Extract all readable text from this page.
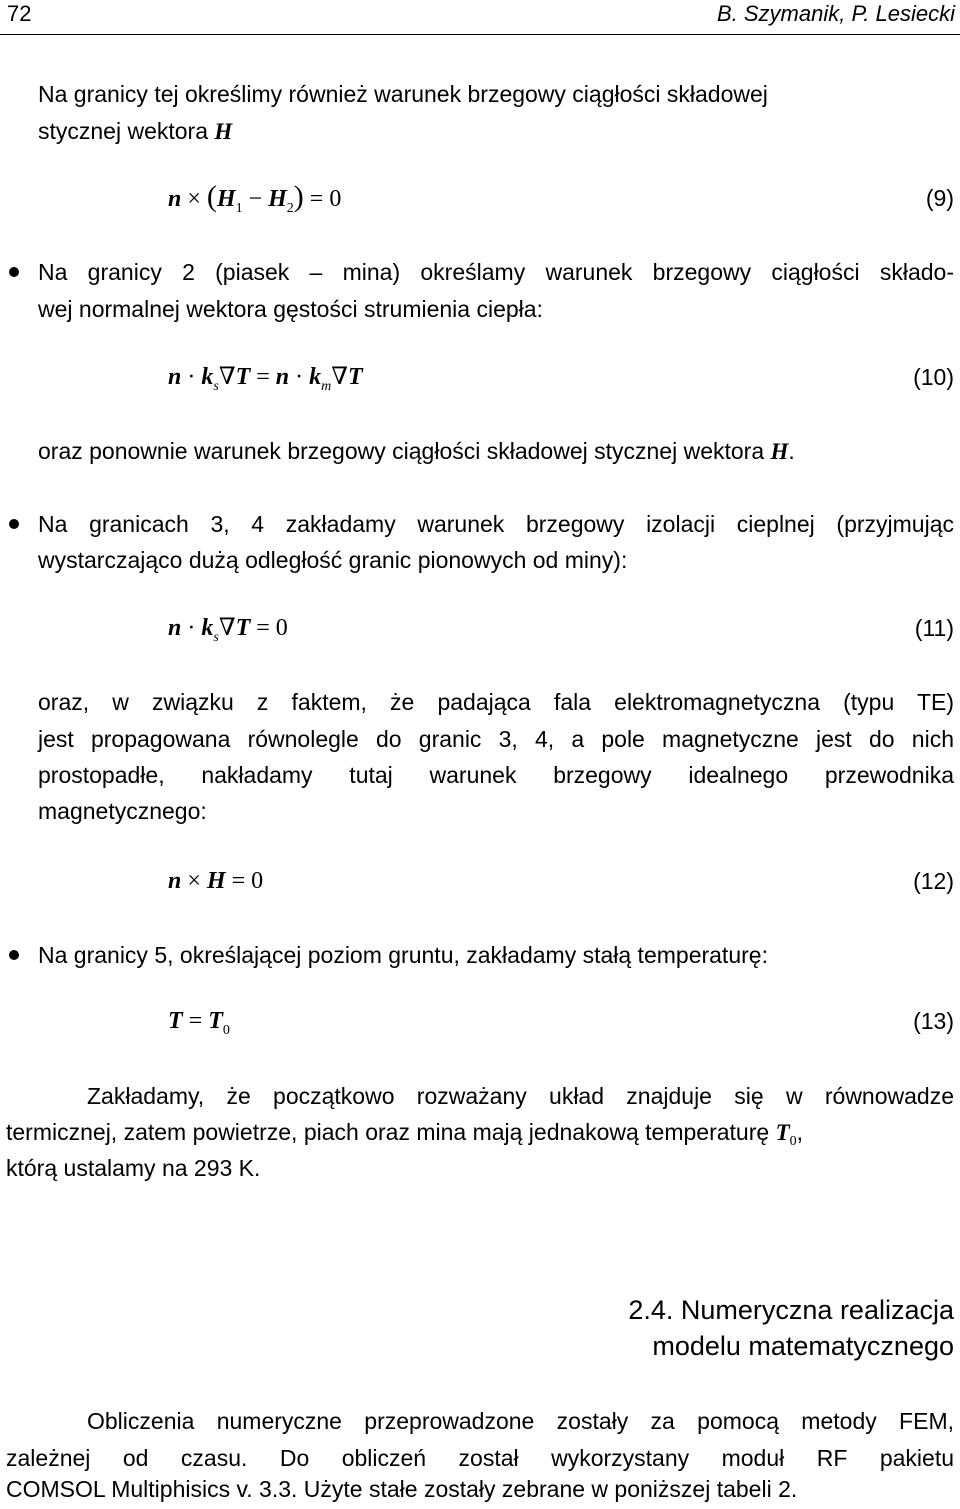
72	B. Szymanik, P. Lesiecki
Na granicy tej określimy również warunek brzegowy ciągłości składowej
stycznej wektora H
$n \times (H_1 - H_2) = 0$	(9)
Na granicy 2 (piasek – mina) określamy warunek brzegowy ciągłości składo-
wej normalnej wektora gęstości strumienia ciepła:
$n \cdot k_s\nabla T = n \cdot k_m\nabla T$	(10)
oraz ponownie warunek brzegowy ciągłości składowej stycznej wektora H.
Na granicach 3, 4 zakładamy warunek brzegowy izolacji cieplnej (przyjmując
wystarczająco dużą odległość granic pionowych od miny):
$n \cdot k_s\nabla T = 0$	(11)
oraz, w związku z faktem, że padająca fala elektromagnetyczna (typu TE)
jest propagowana równolegle do granic 3, 4, a pole magnetyczne jest do nich
prostopadłe, nakładamy tutaj warunek brzegowy idealnego przewodnika
magnetycznego:
n × H = 0	(12)
Na granicy 5, określającej poziom gruntu, zakładamy stałą temperaturę:
$T = T_0$	(13)
Zakładamy, że początkowo rozważany układ znajduje się w równowadze
termicznej, zatem powietrze, piach oraz mina mają jednakową temperaturę $T_0$,
którą ustalamy na 293 K.
2.4. Numeryczna realizacja
modelu matematycznego
Obliczenia numeryczne przeprowadzone zostały za pomocą metody FEM,
zależnej od czasu. Do obliczeń został wykorzystany moduł RF pakietu
COMSOL Multiphisics v. 3.3. Użyte stałe zostały zebrane w poniższej tabeli 2.
